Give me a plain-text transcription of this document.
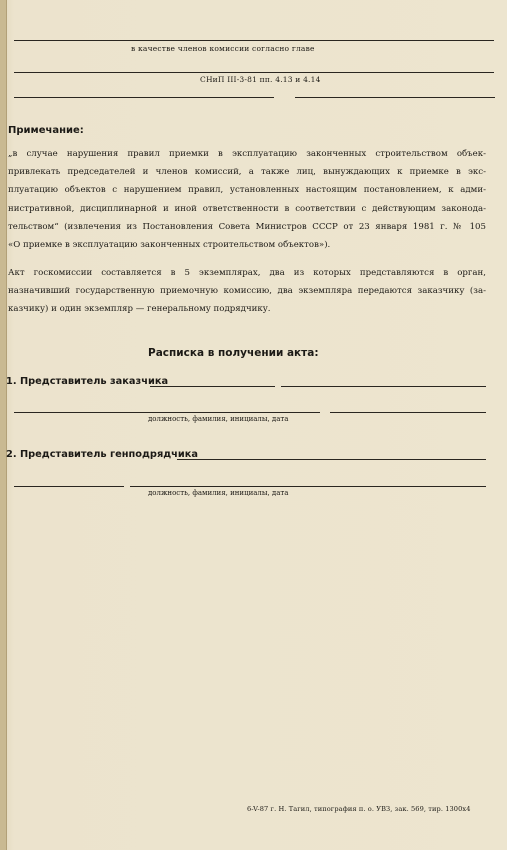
в качестве членов комиссии согласно главе
СНиП III-3-81 пп. 4.13 и 4.14
Примечание:
„в случае нарушения правил приемки в эксплуатацию законченных строительством объек-
привлекать председателей и членов комиссий, а также лиц, вынуждающих к приемке в экс-
плуатацию объектов с нарушением правил, установленных настоящим постановлением, к адми-
нистративной, дисциплинарной и иной ответственности в соответствии с действующим законода-
тельством“ (извлечения из Постановления Совета Министров СССР от 23 января 1981 г. № 105
«О приемке в эксплуатацию законченных строительством объектов»).
Акт госкомиссии составляется в 5 экземплярах, два из которых представляются в орган,
назначивший государственную приемочную комиссию, два экземпляра передаются заказчику (за-
казчику) и один экземпляр — генеральному подрядчику.
Расписка в получении акта:
1. Представитель заказчика
должность, фамилия, инициалы, дата
2. Представитель генподрядчика
должность, фамилия, инициалы, дата
6-V-87 г. Н. Тагил, типография п. о. УВЗ, зак. 569, тир. 1300х4
